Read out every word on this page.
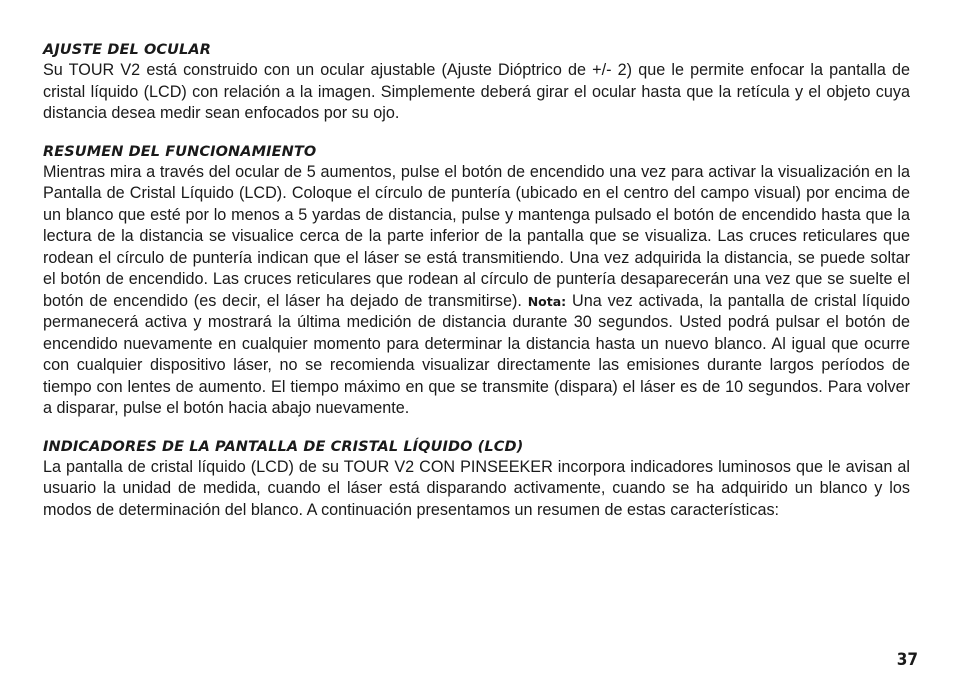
AJUSTE DEL OCULAR

Su TOUR V2 está construido con un ocular ajustable (Ajuste Dióptrico de +/- 2) que le permite enfocar la pantalla de cristal líquido (LCD) con relación a la imagen. Simplemente deberá girar el ocular hasta que la retícula y el objeto cuya distancia desea medir sean enfocados por su ojo.

RESUMEN DEL FUNCIONAMIENTO

Mientras mira a través del ocular de 5 aumentos, pulse el botón de encendido una vez para activar la visualización en la Pantalla de Cristal Líquido (LCD). Coloque el círculo de puntería (ubicado en el centro del campo visual) por encima de un blanco que esté por lo menos a 5 yardas de distancia, pulse y mantenga pulsado el botón de encendido hasta que la lectura de la distancia se visualice cerca de la parte inferior de la pantalla que se visualiza. Las cruces reticulares que rodean el círculo de puntería indican que el láser se está transmitiendo. Una vez adquirida la distancia, se puede soltar el botón de encendido. Las cruces reticulares que rodean al círculo de puntería desaparecerán una vez que se suelte el botón de encendido (es decir, el láser ha dejado de transmitirse). Nota: Una vez activada, la pantalla de cristal líquido permanecerá activa y mostrará la última medición de distancia durante 30 segundos. Usted podrá pulsar el botón de encendido nuevamente en cualquier momento para determinar la distancia hasta un nuevo blanco. Al igual que ocurre con cualquier dispositivo láser, no se recomienda visualizar directamente las emisiones durante largos períodos de tiempo con lentes de aumento. El tiempo máximo en que se transmite (dispara) el láser es de 10 segundos. Para volver a disparar, pulse el botón hacia abajo nuevamente.

INDICADORES DE LA PANTALLA DE CRISTAL LÍQUIDO (LCD)

La pantalla de cristal líquido (LCD) de su TOUR V2 CON PINSEEKER incorpora indicadores luminosos que le avisan al usuario la unidad de medida, cuando el láser está disparando activamente, cuando se ha adquirido un blanco y los modos de determinación del blanco. A continuación presentamos un resumen de estas características:

37
